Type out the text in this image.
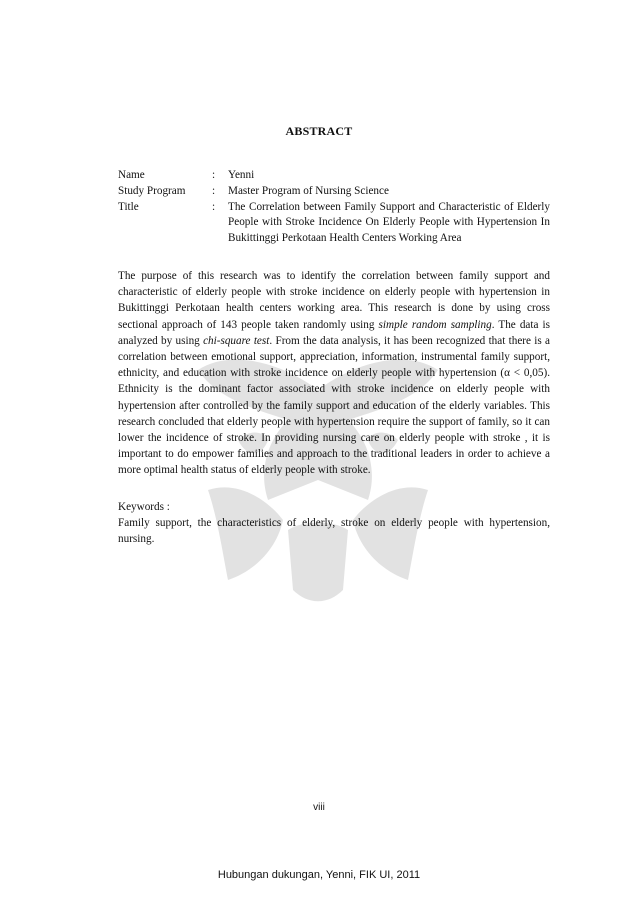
ABSTRACT
Name	:	Yenni
Study Program	:	Master Program of Nursing Science
Title	:	The Correlation between Family Support and Characteristic of Elderly People with Stroke Incidence On Elderly People with Hypertension In Bukittinggi Perkotaan Health Centers Working Area

The purpose of this research was to identify the correlation between family support and characteristic of elderly people with stroke incidence on elderly people with hypertension in Bukittinggi Perkotaan health centers working area. This research is done by using cross sectional approach of 143 people taken randomly using simple random sampling. The data is analyzed by using chi-square test. From the data analysis, it has been recognized that there is a correlation between emotional support, appreciation, information, instrumental family support, ethnicity, and education with stroke incidence on elderly people with hypertension (α < 0,05). Ethnicity is the dominant factor associated with stroke incidence on elderly people with hypertension after controlled by the family support and education of the elderly variables. This research concluded that elderly people with hypertension require the support of family, so it can lower the incidence of stroke. In providing nursing care on elderly people with stroke , it is important to do empower families and approach to the traditional leaders in order to achieve a more optimal health status of elderly people with stroke.

Keywords :
Family support, the characteristics of elderly, stroke on elderly people with hypertension, nursing.
viii
Hubungan dukungan, Yenni, FIK UI, 2011
